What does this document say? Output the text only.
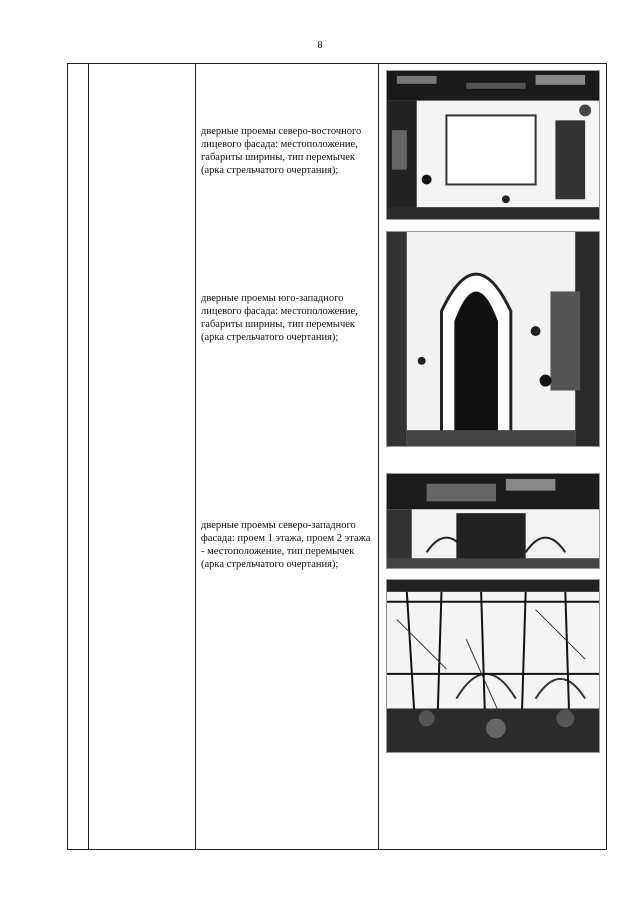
8
дверные проемы северо-восточного лицевого фасада: местоположение, габариты ширины, тип перемычек (арка стрельчатого очертания);
дверные проемы юго-западного лицевого фасада: местоположение, габариты ширины, тип перемычек (арка стрельчатого очертания);
дверные проемы северо-западного фасада: проем 1 этажа, проем 2 этажа - местоположение, тип перемычек (арка стрельчатого очертания);
